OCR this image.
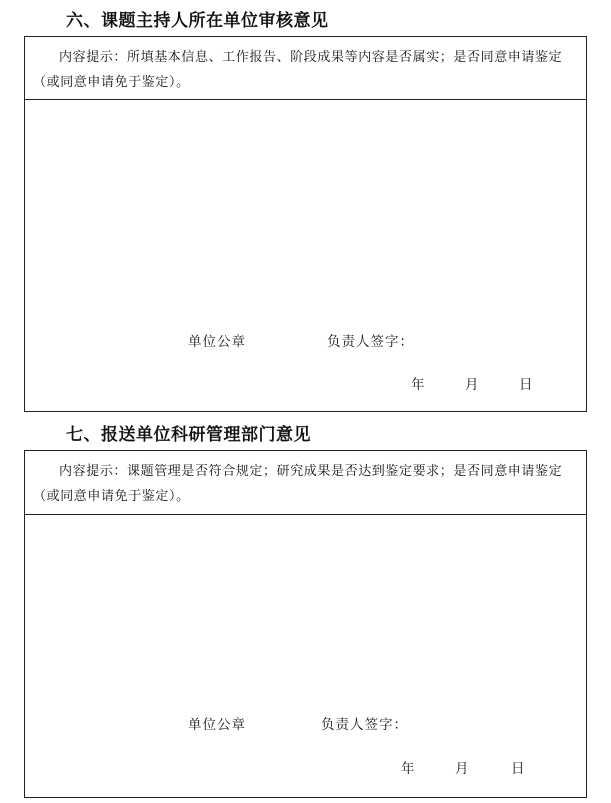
六、课题主持人所在单位审核意见

内容提示：所填基本信息、工作报告、阶段成果等内容是否属实；是否同意申请鉴定（或同意申请免于鉴定）。

单位公章	负责人签字：
年	月	日
七、报送单位科研管理部门意见

内容提示：课题管理是否符合规定；研究成果是否达到鉴定要求；是否同意申请鉴定（或同意申请免于鉴定）。

单位公章	负责人签字：
年	月	日
